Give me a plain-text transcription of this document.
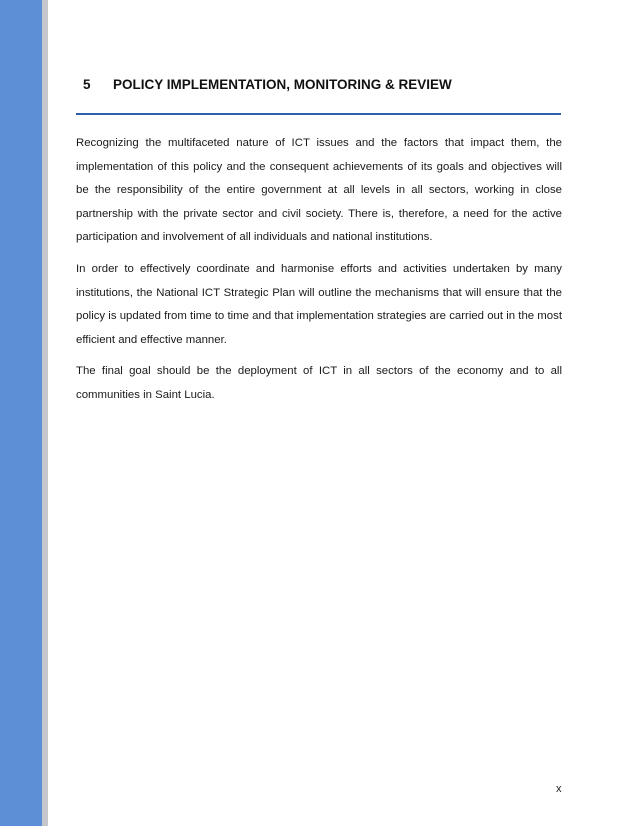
5 POLICY IMPLEMENTATION, MONITORING & REVIEW

Recognizing the multifaceted nature of ICT issues and the factors that impact them, the implementation of this policy and the consequent achievements of its goals and objectives will be the responsibility of the entire government at all levels in all sectors, working in close partnership with the private sector and civil society. There is, therefore, a need for the active participation and involvement of all individuals and national institutions.

In order to effectively coordinate and harmonise efforts and activities undertaken by many institutions, the National ICT Strategic Plan will outline the mechanisms that will ensure that the policy is updated from time to time and that implementation strategies are carried out in the most efficient and effective manner.

The final goal should be the deployment of ICT in all sectors of the economy and to all communities in Saint Lucia.

x
